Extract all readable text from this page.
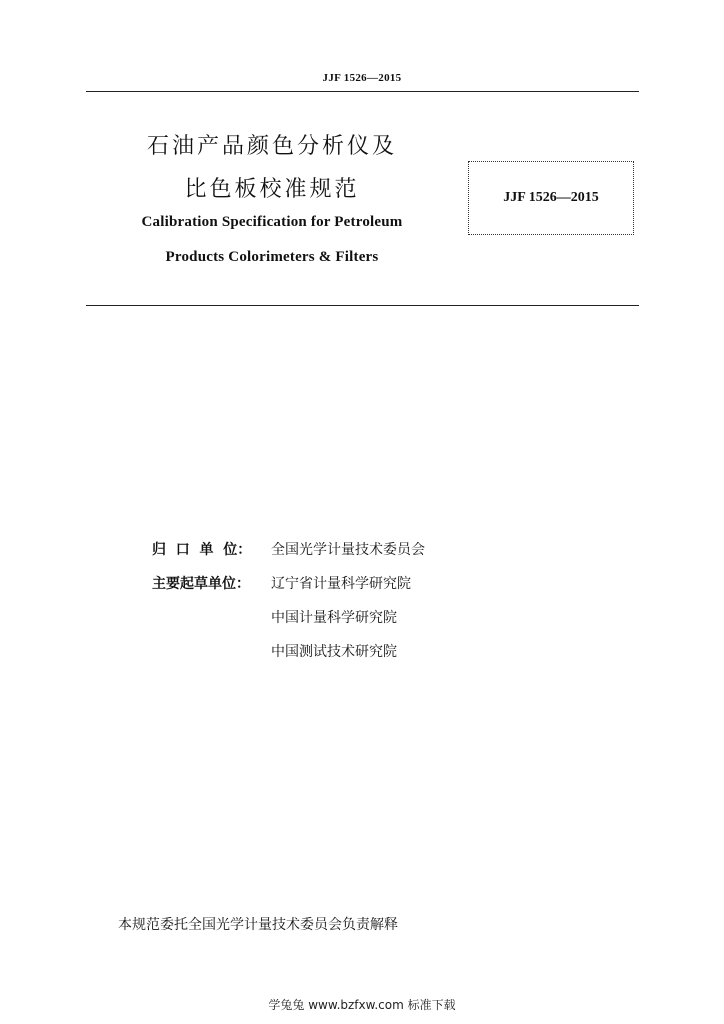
JJF 1526—2015
石油产品颜色分析仪及
比色板校准规范
Calibration Specification for Petroleum
Products Colorimeters & Filters
JJF 1526—2015
归  口  单  位：	全国光学计量技术委员会
主要起草单位：	辽宁省计量科学研究院
中国计量科学研究院
中国测试技术研究院
本规范委托全国光学计量技术委员会负责解释
学兔兔 www.bzfxw.com 标准下载
